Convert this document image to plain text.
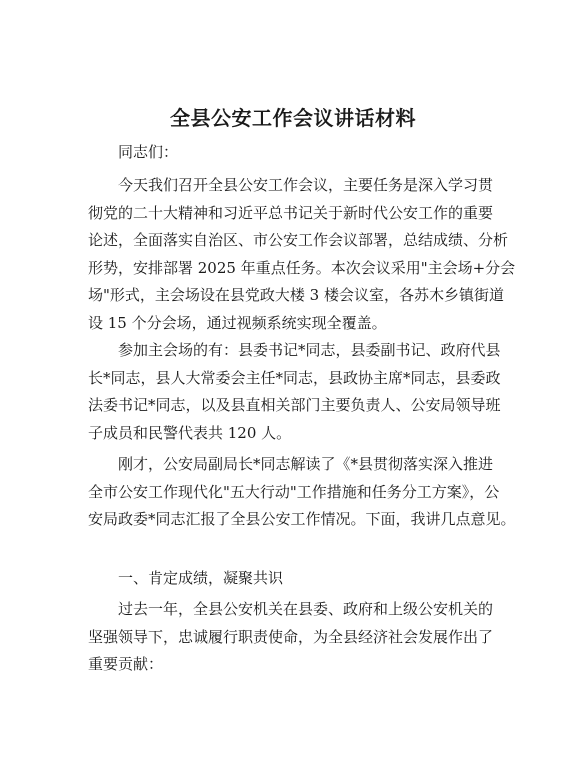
全县公安工作会议讲话材料
同志们：
今天我们召开全县公安工作会议，主要任务是深入学习贯
彻党的二十大精神和习近平总书记关于新时代公安工作的重要
论述，全面落实自治区、市公安工作会议部署，总结成绩、分析
形势，安排部署 2025 年重点任务。本次会议采用"主会场+分会
场"形式，主会场设在县党政大楼 3 楼会议室，各苏木乡镇街道
设 15 个分会场，通过视频系统实现全覆盖。
参加主会场的有：县委书记*同志，县委副书记、政府代县
长*同志，县人大常委会主任*同志，县政协主席*同志，县委政
法委书记*同志，以及县直相关部门主要负责人、公安局领导班
子成员和民警代表共 120 人。
刚才，公安局副局长*同志解读了《*县贯彻落实深入推进
全市公安工作现代化"五大行动"工作措施和任务分工方案》，公
安局政委*同志汇报了全县公安工作情况。下面，我讲几点意见。
一、肯定成绩，凝聚共识
过去一年，全县公安机关在县委、政府和上级公安机关的
坚强领导下，忠诚履行职责使命，为全县经济社会发展作出了
重要贡献：
